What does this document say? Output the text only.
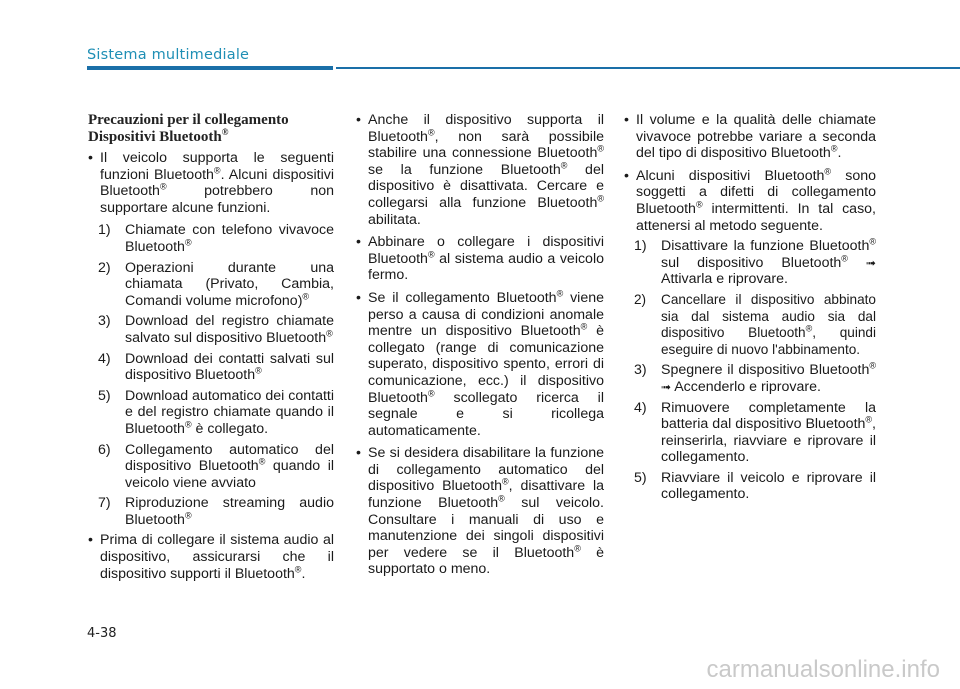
Sistema multimediale
Precauzioni per il collegamento
Dispositivi Bluetooth®
• Il veicolo supporta le seguenti funzioni Bluetooth®. Alcuni dispositivi Bluetooth® potrebbero non supportare alcune funzioni.
1) Chiamate con telefono vivavoce Bluetooth®
2) Operazioni durante una chiamata (Privato, Cambia, Comandi volume microfono)®
3) Download del registro chiamate salvato sul dispositivo Bluetooth®
4) Download dei contatti salvati sul dispositivo Bluetooth®
5) Download automatico dei contatti e del registro chiamate quando il Bluetooth® è collegato.
6) Collegamento automatico del dispositivo Bluetooth® quando il veicolo viene avviato
7) Riproduzione streaming audio Bluetooth®
• Prima di collegare il sistema audio al dispositivo, assicurarsi che il dispositivo supporti il Bluetooth®.
• Anche il dispositivo supporta il Bluetooth®, non sarà possibile stabilire una connessione Bluetooth® se la funzione Bluetooth® del dispositivo è disattivata. Cercare e collegarsi alla funzione Bluetooth® abilitata.
• Abbinare o collegare i dispositivi Bluetooth® al sistema audio a veicolo fermo.
• Se il collegamento Bluetooth® viene perso a causa di condizioni anomale mentre un dispositivo Bluetooth® è collegato (range di comunicazione superato, dispositivo spento, errori di comunicazione, ecc.) il dispositivo Bluetooth® scollegato ricerca il segnale e si ricollega automaticamente.
• Se si desidera disabilitare la funzione di collegamento automatico del dispositivo Bluetooth®, disattivare la funzione Bluetooth® sul veicolo. Consultare i manuali di uso e manutenzione dei singoli dispositivi per vedere se il Bluetooth® è supportato o meno.
• Il volume e la qualità delle chiamate vivavoce potrebbe variare a seconda del tipo di dispositivo Bluetooth®.
• Alcuni dispositivi Bluetooth® sono soggetti a difetti di collegamento Bluetooth® intermittenti. In tal caso, attenersi al metodo seguente.
1) Disattivare la funzione Bluetooth® sul dispositivo Bluetooth® ➟ Attivarla e riprovare.
2) Cancellare il dispositivo abbinato sia dal sistema audio sia dal dispositivo Bluetooth®, quindi eseguire di nuovo l'abbinamento.
3) Spegnere il dispositivo Bluetooth® ➟ Accenderlo e riprovare.
4) Rimuovere completamente la batteria dal dispositivo Bluetooth®, reinserirla, riavviare e riprovare il collegamento.
5) Riavviare il veicolo e riprovare il collegamento.
4-38
carmanualsonline.info
